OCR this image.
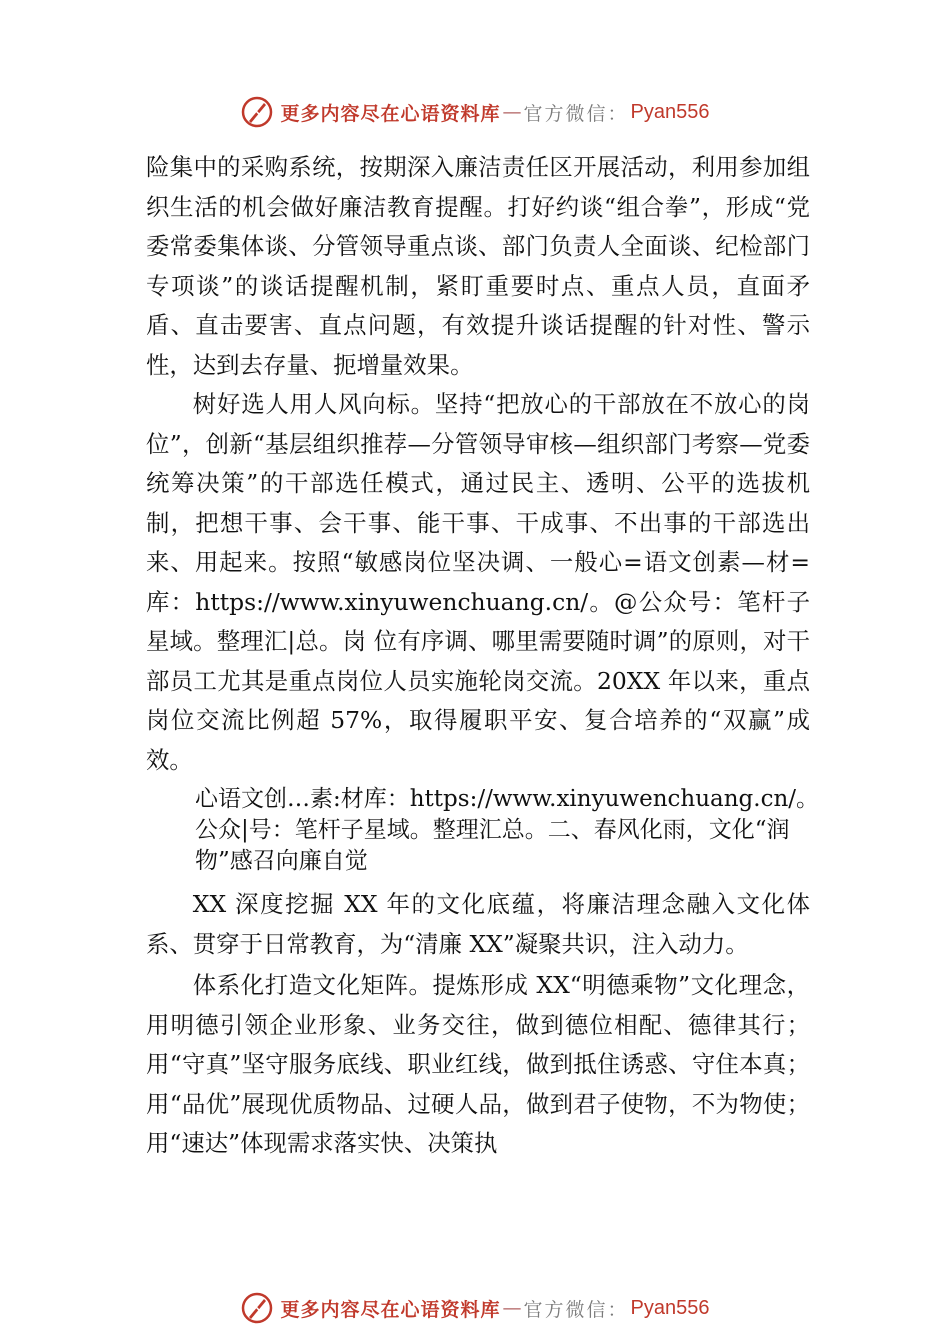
更多内容尽在心语资料库 — 官方微信 ： Pyan556

险集中的采购系统，按期深入廉洁责任区开展活动，利用参加组织生活的机会做好廉洁教育提醒。打好约谈“组合拳”，形成“党委常委集体谈、分管领导重点谈、部门负责人全面谈、纪检部门专项谈”的谈话提醒机制，紧盯重要时点、重点人员，直面矛盾、直击要害、直点问题，有效提升谈话提醒的针对性、警示性，达到去存量、扼增量效果。

树好选人用人风向标。坚持“把放心的干部放在不放心的岗位”，创新“基层组织推荐—分管领导审核—组织部门考察—党委统筹决策”的干部选任模式，通过民主、透明、公平的选拔机制，把想干事、会干事、能干事、干成事、不出事的干部选出来、用起来。按照“敏感岗位坚决调、一般心=语文创素—材=库：https://www.xinyuwenchuang.cn/。@公众号：笔杆子星域。整理汇|总。岗 位有序调、哪里需要随时调”的原则，对干部员工尤其是重点岗位人员实施轮岗交流。20XX 年以来，重点岗位交流比例超 57%，取得履职平安、复合培养的“双赢”成效。

心语文创…素:材库：https://www.xinyuwenchuang.cn/。公众|号：笔杆子星域。整理汇总。二、春风化雨，文化“润物”感召向廉自觉

XX 深度挖掘 XX 年的文化底蕴，将廉洁理念融入文化体系、贯穿于日常教育，为“清廉 XX”凝聚共识，注入动力。

体系化打造文化矩阵。提炼形成 XX“明德乘物”文化理念，用明德引领企业形象、业务交往，做到德位相配、德律其行；用“守真”坚守服务底线、职业红线，做到抵住诱惑、守住本真；用“品优”展现优质物品、过硬人品，做到君子使物，不为物使；用“速达”体现需求落实快、决策执

更多内容尽在心语资料库 — 官方微信 ： Pyan556
